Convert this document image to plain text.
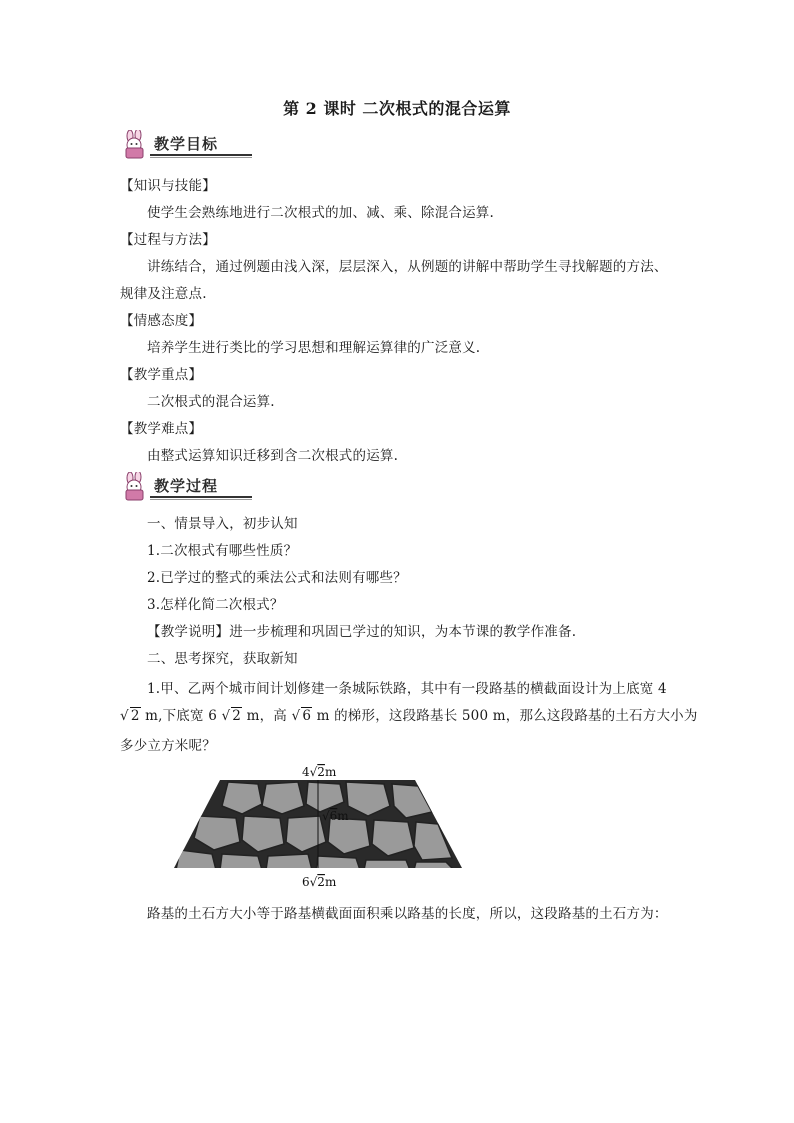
第 2 课时 二次根式的混合运算
教学目标
【知识与技能】
使学生会熟练地进行二次根式的加、减、乘、除混合运算.
【过程与方法】
讲练结合，通过例题由浅入深，层层深入，从例题的讲解中帮助学生寻找解题的方法、
规律及注意点.
【情感态度】
培养学生进行类比的学习思想和理解运算律的广泛意义.
【教学重点】
二次根式的混合运算.
【教学难点】
由整式运算知识迁移到含二次根式的运算.
教学过程
一、情景导入，初步认知
1.二次根式有哪些性质？
2.已学过的整式的乘法公式和法则有哪些？
3.怎样化简二次根式？
【教学说明】进一步梳理和巩固已学过的知识，为本节课的教学作准备.
二、思考探究，获取新知
1.甲、乙两个城市间计划修建一条城际铁路，其中有一段路基的横截面设计为上底宽 4
√ 2 m,下底宽 6 √ 2 m，高 √ 6 m 的梯形，这段路基长 500 m，那么这段路基的土石方大小为
多少立方米呢？
4√2m
√6m
6√2m
路基的土石方大小等于路基横截面面积乘以路基的长度，所以，这段路基的土石方为：
